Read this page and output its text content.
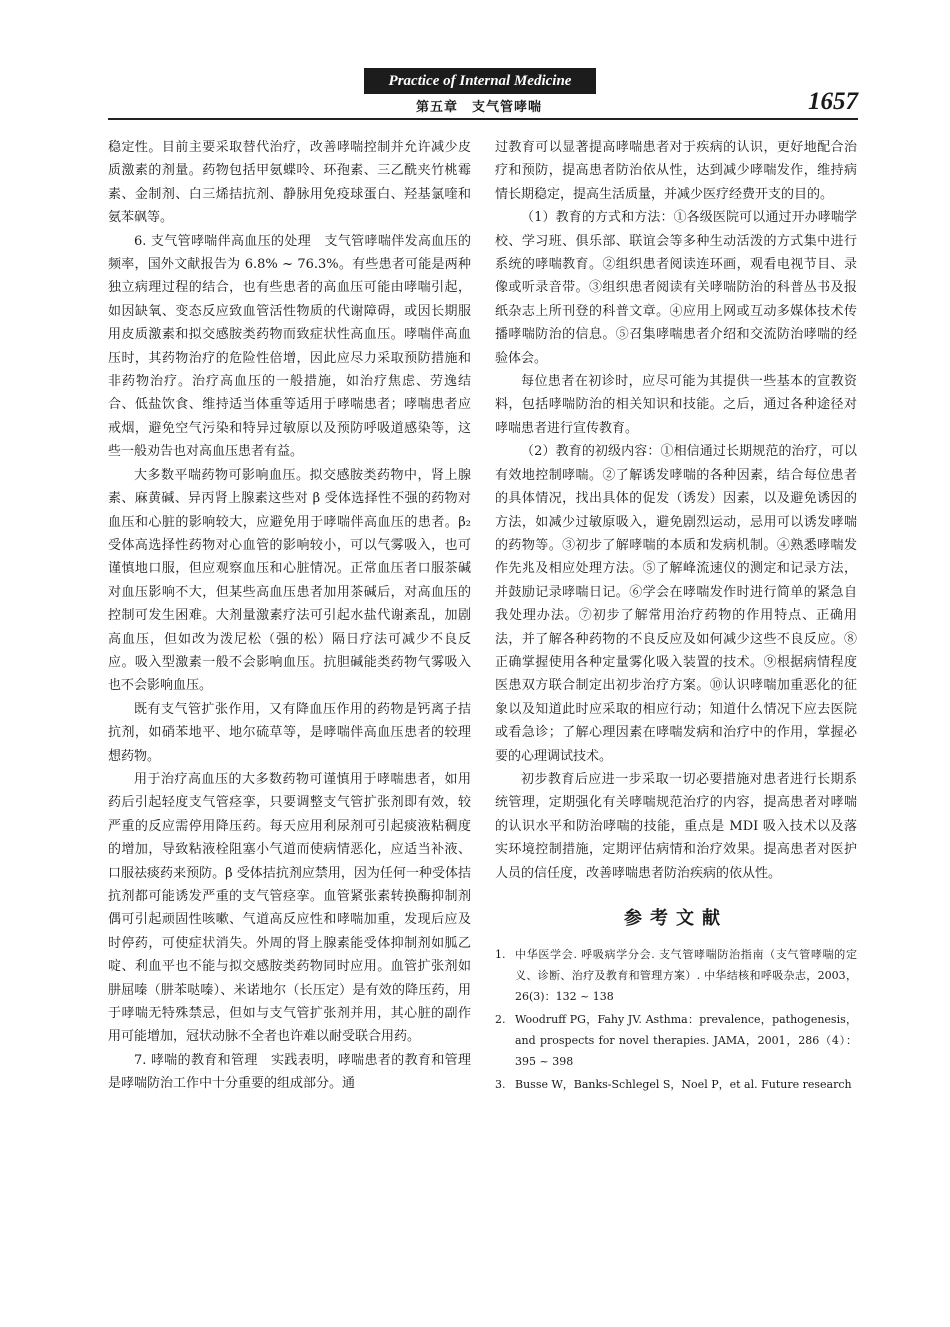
Practice of Internal Medicine
第五章　支气管哮喘	1657

稳定性。目前主要采取替代治疗，改善哮喘控制并允许减少皮质激素的剂量。药物包括甲氨蝶呤、环孢素、三乙酰夹竹桃霉素、金制剂、白三烯拮抗剂、静脉用免疫球蛋白、羟基氯喹和氨苯砜等。

6. 支气管哮喘伴高血压的处理　支气管哮喘伴发高血压的频率，国外文献报告为 6.8% ~ 76.3%。有些患者可能是两种独立病理过程的结合，也有些患者的高血压可能由哮喘引起，如因缺氧、变态反应致血管活性物质的代谢障碍，或因长期服用皮质激素和拟交感胺类药物而致症状性高血压。哮喘伴高血压时，其药物治疗的危险性倍增，因此应尽力采取预防措施和非药物治疗。治疗高血压的一般措施，如治疗焦虑、劳逸结合、低盐饮食、维持适当体重等适用于哮喘患者；哮喘患者应戒烟，避免空气污染和特异过敏原以及预防呼吸道感染等，这些一般劝告也对高血压患者有益。

大多数平喘药物可影响血压。拟交感胺类药物中，肾上腺素、麻黄碱、异丙肾上腺素这些对 β 受体选择性不强的药物对血压和心脏的影响较大，应避免用于哮喘伴高血压的患者。β₂ 受体高选择性药物对心血管的影响较小，可以气雾吸入，也可谨慎地口服，但应观察血压和心脏情况。正常血压者口服茶碱对血压影响不大，但某些高血压患者加用茶碱后，对高血压的控制可发生困难。大剂量激素疗法可引起水盐代谢紊乱，加剧高血压，但如改为泼尼松（强的松）隔日疗法可减少不良反应。吸入型激素一般不会影响血压。抗胆碱能类药物气雾吸入也不会影响血压。

既有支气管扩张作用，又有降血压作用的药物是钙离子拮抗剂，如硝苯地平、地尔硫草等，是哮喘伴高血压患者的较理想药物。

用于治疗高血压的大多数药物可谨慎用于哮喘患者，如用药后引起轻度支气管痉挛，只要调整支气管扩张剂即有效，较严重的反应需停用降压药。每天应用利尿剂可引起痰液粘稠度的增加，导致粘液栓阻塞小气道而使病情恶化，应适当补液、口服祛痰药来预防。β 受体拮抗剂应禁用，因为任何一种受体拮抗剂都可能诱发严重的支气管痉挛。血管紧张素转换酶抑制剂偶可引起顽固性咳嗽、气道高反应性和哮喘加重，发现后应及时停药，可使症状消失。外周的肾上腺素能受体抑制剂如胍乙啶、利血平也不能与拟交感胺类药物同时应用。血管扩张剂如肼屈嗪（肼苯哒嗪）、米诺地尔（长压定）是有效的降压药，用于哮喘无特殊禁忌，但如与支气管扩张剂并用，其心脏的副作用可能增加，冠状动脉不全者也许难以耐受联合用药。

7. 哮喘的教育和管理　实践表明，哮喘患者的教育和管理是哮喘防治工作中十分重要的组成部分。通

过教育可以显著提高哮喘患者对于疾病的认识，更好地配合治疗和预防，提高患者防治依从性，达到减少哮喘发作，维持病情长期稳定，提高生活质量，并减少医疗经费开支的目的。

（1）教育的方式和方法：①各级医院可以通过开办哮喘学校、学习班、俱乐部、联谊会等多种生动活泼的方式集中进行系统的哮喘教育。②组织患者阅读连环画，观看电视节目、录像或听录音带。③组织患者阅读有关哮喘防治的科普丛书及报纸杂志上所刊登的科普文章。④应用上网或互动多媒体技术传播哮喘防治的信息。⑤召集哮喘患者介绍和交流防治哮喘的经验体会。

每位患者在初诊时，应尽可能为其提供一些基本的宣教资料，包括哮喘防治的相关知识和技能。之后，通过各种途径对哮喘患者进行宣传教育。

（2）教育的初级内容：①相信通过长期规范的治疗，可以有效地控制哮喘。②了解诱发哮喘的各种因素，结合每位患者的具体情况，找出具体的促发（诱发）因素，以及避免诱因的方法，如减少过敏原吸入，避免剧烈运动，忌用可以诱发哮喘的药物等。③初步了解哮喘的本质和发病机制。④熟悉哮喘发作先兆及相应处理方法。⑤了解峰流速仪的测定和记录方法，并鼓励记录哮喘日记。⑥学会在哮喘发作时进行简单的紧急自我处理办法。⑦初步了解常用治疗药物的作用特点、正确用法，并了解各种药物的不良反应及如何减少这些不良反应。⑧正确掌握使用各种定量雾化吸入装置的技术。⑨根据病情程度医患双方联合制定出初步治疗方案。⑩认识哮喘加重恶化的征象以及知道此时应采取的相应行动；知道什么情况下应去医院或看急诊；了解心理因素在哮喘发病和治疗中的作用，掌握必要的心理调试技术。

初步教育后应进一步采取一切必要措施对患者进行长期系统管理，定期强化有关哮喘规范治疗的内容，提高患者对哮喘的认识水平和防治哮喘的技能，重点是 MDI 吸入技术以及落实环境控制措施，定期评估病情和治疗效果。提高患者对医护人员的信任度，改善哮喘患者防治疾病的依从性。

参考文献
1. 中华医学会. 呼吸病学分会. 支气管哮喘防治指南（支气管哮喘的定义、诊断、治疗及教育和管理方案）. 中华结核和呼吸杂志，2003，26(3)：132 ~ 138
2. Woodruff PG，Fahy JV. Asthma：prevalence，pathogenesis，and prospects for novel therapies. JAMA，2001，286（4）：395 ~ 398
3. Busse W，Banks-Schlegel S，Noel P，et al. Future research
